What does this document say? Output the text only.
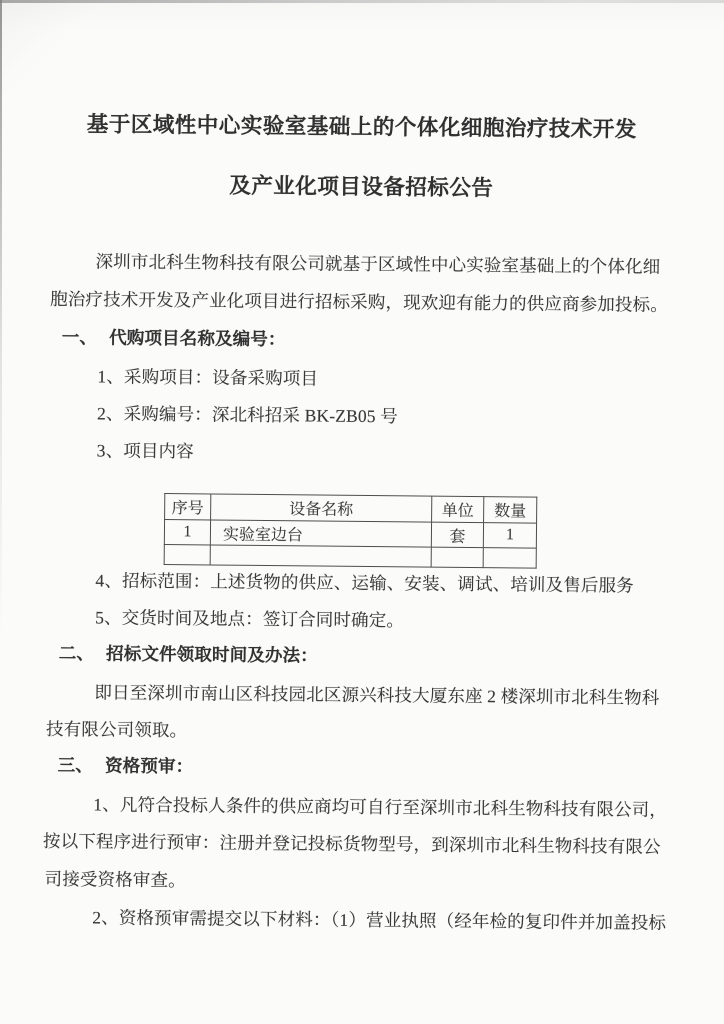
基于区域性中心实验室基础上的个体化细胞治疗技术开发
及产业化项目设备招标公告
深圳市北科生物科技有限公司就基于区域性中心实验室基础上的个体化细
胞治疗技术开发及产业化项目进行招标采购，现欢迎有能力的供应商参加投标。
一、 代购项目名称及编号：
1、采购项目：设备采购项目
2、采购编号：深北科招采 BK-ZB05 号
3、项目内容
序号	设备名称	单位	数量
1	实验室边台	套	1

4、招标范围：上述货物的供应、运输、安装、调试、培训及售后服务
5、交货时间及地点：签订合同时确定。
二、 招标文件领取时间及办法：
即日至深圳市南山区科技园北区源兴科技大厦东座 2 楼深圳市北科生物科
技有限公司领取。
三、 资格预审：
1、凡符合投标人条件的供应商均可自行至深圳市北科生物科技有限公司，
按以下程序进行预审：注册并登记投标货物型号，到深圳市北科生物科技有限公
司接受资格审查。
2、资格预审需提交以下材料：（1）营业执照（经年检的复印件并加盖投标
